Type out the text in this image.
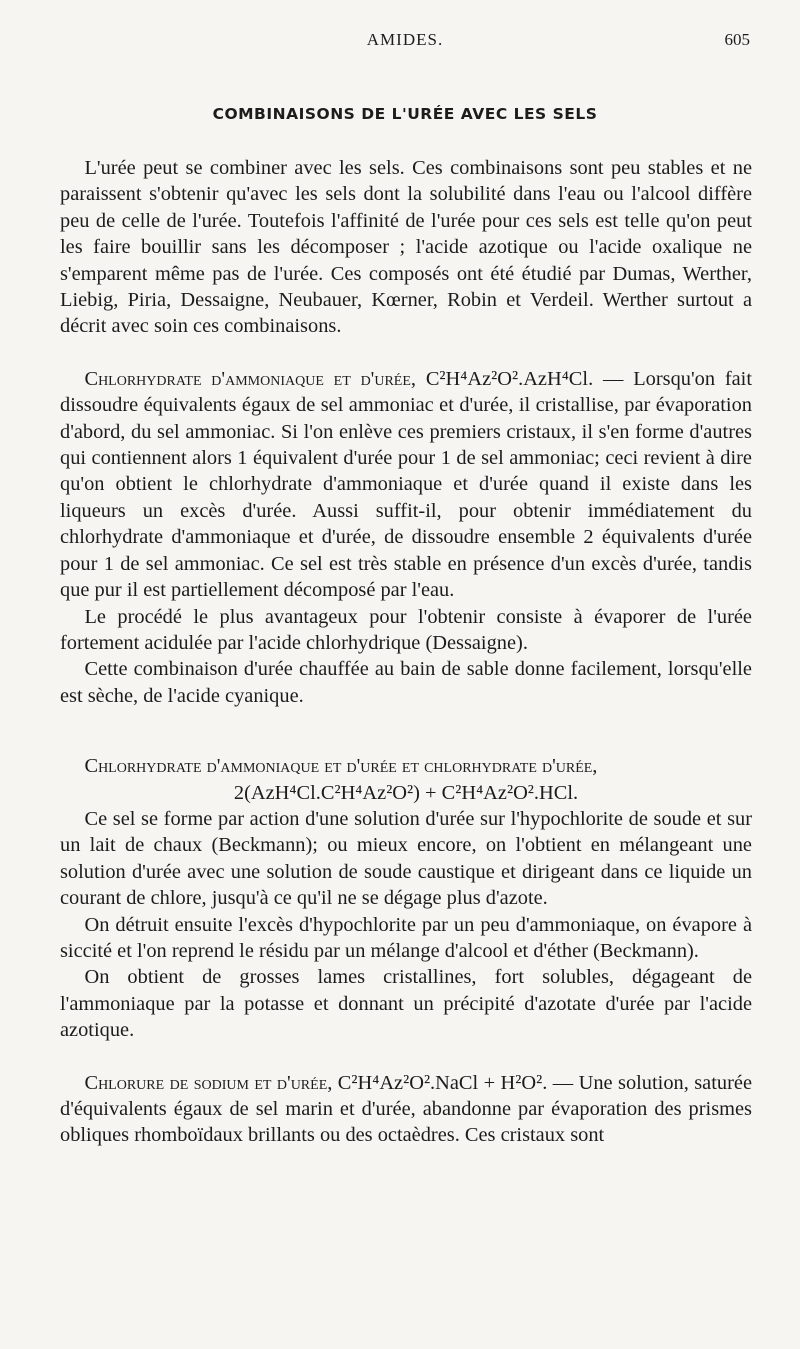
AMIDES.	605
COMBINAISONS DE L'URÉE AVEC LES SELS

L'urée peut se combiner avec les sels. Ces combinaisons sont peu stables et ne paraissent s'obtenir qu'avec les sels dont la solubilité dans l'eau ou l'alcool diffère peu de celle de l'urée. Toutefois l'affinité de l'urée pour ces sels est telle qu'on peut les faire bouillir sans les décomposer ; l'acide azotique ou l'acide oxalique ne s'emparent même pas de l'urée. Ces composés ont été étudié par Dumas, Werther, Liebig, Piria, Dessaigne, Neubauer, Kœrner, Robin et Verdeil. Werther surtout a décrit avec soin ces combinaisons.

Chlorhydrate d'ammoniaque et d'urée, C²H⁴Az²O².AzH⁴Cl. — Lorsqu'on fait dissoudre équivalents égaux de sel ammoniac et d'urée, il cristallise, par évaporation d'abord, du sel ammoniac. Si l'on enlève ces premiers cristaux, il s'en forme d'autres qui contiennent alors 1 équivalent d'urée pour 1 de sel ammoniac; ceci revient à dire qu'on obtient le chlorhydrate d'ammoniaque et d'urée quand il existe dans les liqueurs un excès d'urée. Aussi suffit-il, pour obtenir immédiatement du chlorhydrate d'ammoniaque et d'urée, de dissoudre ensemble 2 équivalents d'urée pour 1 de sel ammoniac. Ce sel est très stable en présence d'un excès d'urée, tandis que pur il est partiellement décomposé par l'eau.

Le procédé le plus avantageux pour l'obtenir consiste à évaporer de l'urée fortement acidulée par l'acide chlorhydrique (Dessaigne).

Cette combinaison d'urée chauffée au bain de sable donne facilement, lorsqu'elle est sèche, de l'acide cyanique.

Chlorhydrate d'ammoniaque et d'urée et chlorhydrate d'urée,

2(AzH⁴Cl.C²H⁴Az²O²) + C²H⁴Az²O².HCl.

Ce sel se forme par action d'une solution d'urée sur l'hypochlorite de soude et sur un lait de chaux (Beckmann); ou mieux encore, on l'obtient en mélangeant une solution d'urée avec une solution de soude caustique et dirigeant dans ce liquide un courant de chlore, jusqu'à ce qu'il ne se dégage plus d'azote.

On détruit ensuite l'excès d'hypochlorite par un peu d'ammoniaque, on évapore à siccité et l'on reprend le résidu par un mélange d'alcool et d'éther (Beckmann).

On obtient de grosses lames cristallines, fort solubles, dégageant de l'ammoniaque par la potasse et donnant un précipité d'azotate d'urée par l'acide azotique.

Chlorure de sodium et d'urée, C²H⁴Az²O².NaCl + H²O². — Une solution, saturée d'équivalents égaux de sel marin et d'urée, abandonne par évaporation des prismes obliques rhomboïdaux brillants ou des octaèdres. Ces cristaux sont
